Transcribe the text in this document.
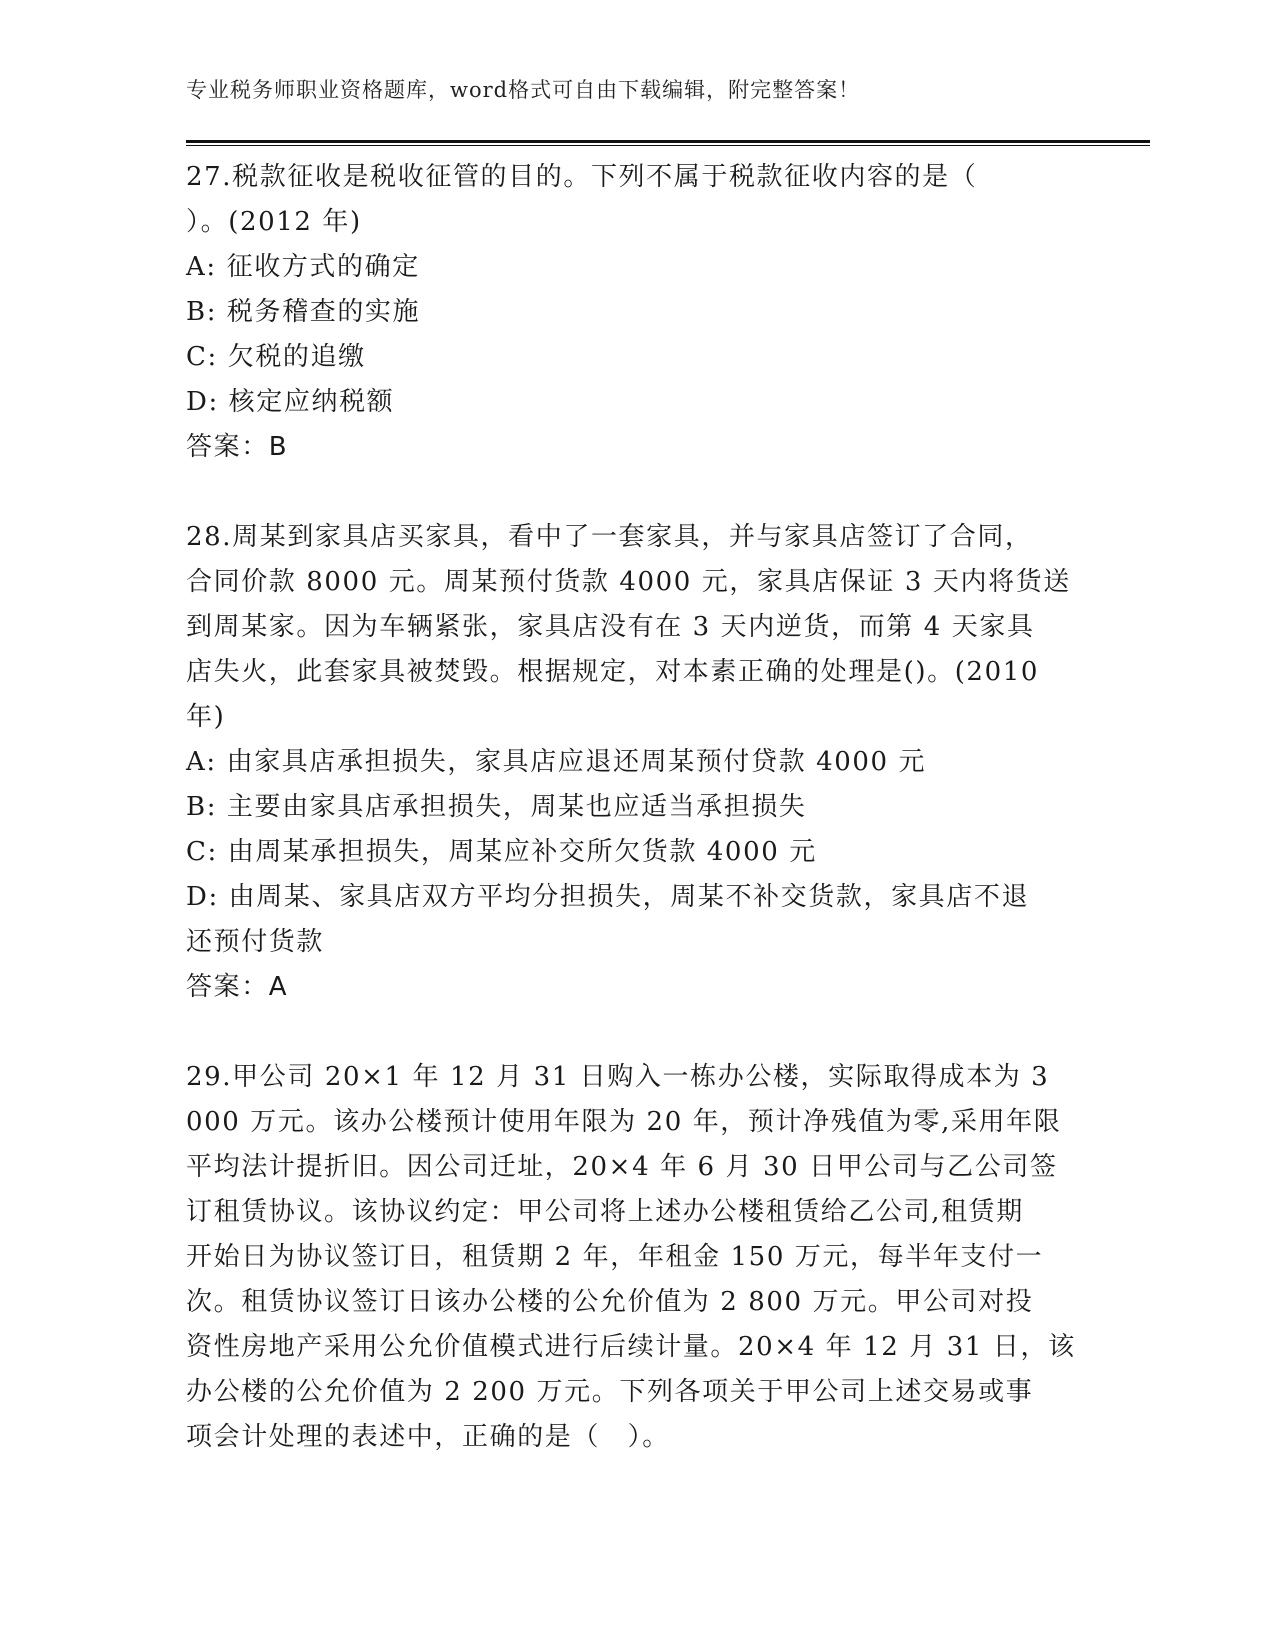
专业税务师职业资格题库，word格式可自由下载编辑，附完整答案！
27.税款征收是税收征管的目的。下列不属于税款征收内容的是（
）。(2012 年)
A: 征收方式的确定
B: 税务稽查的实施
C: 欠税的追缴
D: 核定应纳税额
答案：B
28.周某到家具店买家具，看中了一套家具，并与家具店签订了合同，
合同价款 8000 元。周某预付货款 4000 元，家具店保证 3 天内将货送
到周某家。因为车辆紧张，家具店没有在 3 天内逆货，而第 4 天家具
店失火，此套家具被焚毁。根据规定，对本素正确的处理是()。(2010
年)
A: 由家具店承担损失，家具店应退还周某预付贷款 4000 元
B: 主要由家具店承担损失，周某也应适当承担损失
C: 由周某承担损失，周某应补交所欠货款 4000 元
D: 由周某、家具店双方平均分担损失，周某不补交货款，家具店不退
还预付货款
答案：A
29.甲公司 20×1 年 12 月 31 日购入一栋办公楼，实际取得成本为 3
000 万元。该办公楼预计使用年限为 20 年，预计净残值为零,采用年限
平均法计提折旧。因公司迁址，20×4 年 6 月 30 日甲公司与乙公司签
订租赁协议。该协议约定：甲公司将上述办公楼租赁给乙公司,租赁期
开始日为协议签订日，租赁期 2 年，年租金 150 万元，每半年支付一
次。租赁协议签订日该办公楼的公允价值为 2 800 万元。甲公司对投
资性房地产采用公允价值模式进行后续计量。20×4 年 12 月 31 日，该
办公楼的公允价值为 2 200 万元。下列各项关于甲公司上述交易或事
项会计处理的表述中，正确的是（　）。
